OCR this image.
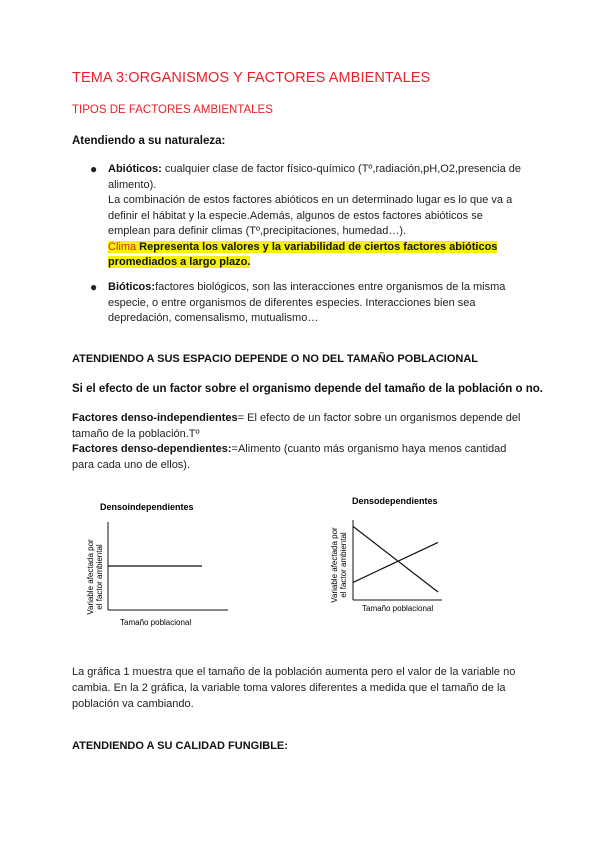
TEMA 3:ORGANISMOS Y FACTORES AMBIENTALES
TIPOS DE FACTORES AMBIENTALES
Atendiendo a su naturaleza:
● Abióticos: cualquier clase de factor físico-químico (Tº,radiación,pH,O2,presencia de
alimento).
La combinación de estos factores abióticos en un determinado lugar es lo que va a
definir el hábitat y la especie.Además, algunos de estos factores abióticos se
emplean para definir climas (Tº,precipitaciones, humedad…).
Clima Representa los valores y la variabilidad de ciertos factores abióticos
promediados a largo plazo.
● Bióticos:factores biológicos, son las interacciones entre organismos de la misma
especie, o entre organismos de diferentes especies. Interacciones bien sea
depredación, comensalismo, mutualismo…
ATENDIENDO A SUS ESPACIO DEPENDE O NO DEL TAMAÑO POBLACIONAL
Si el efecto de un factor sobre el organismo depende del tamaño de la población o no.
Factores denso-independientes= El efecto de un factor sobre un organismos depende del
tamaño de la población.Tº
Factores denso-dependientes:=Alimento (cuanto más organismo haya menos cantidad
para cada uno de ellos).
Densoindependientes
Variable afectada por el factor ambiental
Tamaño poblacional
Densodependientes
Variable afectada por el factor ambiental
Tamaño poblacional
La gráfica 1 muestra que el tamaño de la población aumenta pero el valor de la variable no
cambia. En la 2 gráfica, la variable toma valores diferentes a medida que el tamaño de la
población va cambiando.
ATENDIENDO A SU CALIDAD FUNGIBLE:
